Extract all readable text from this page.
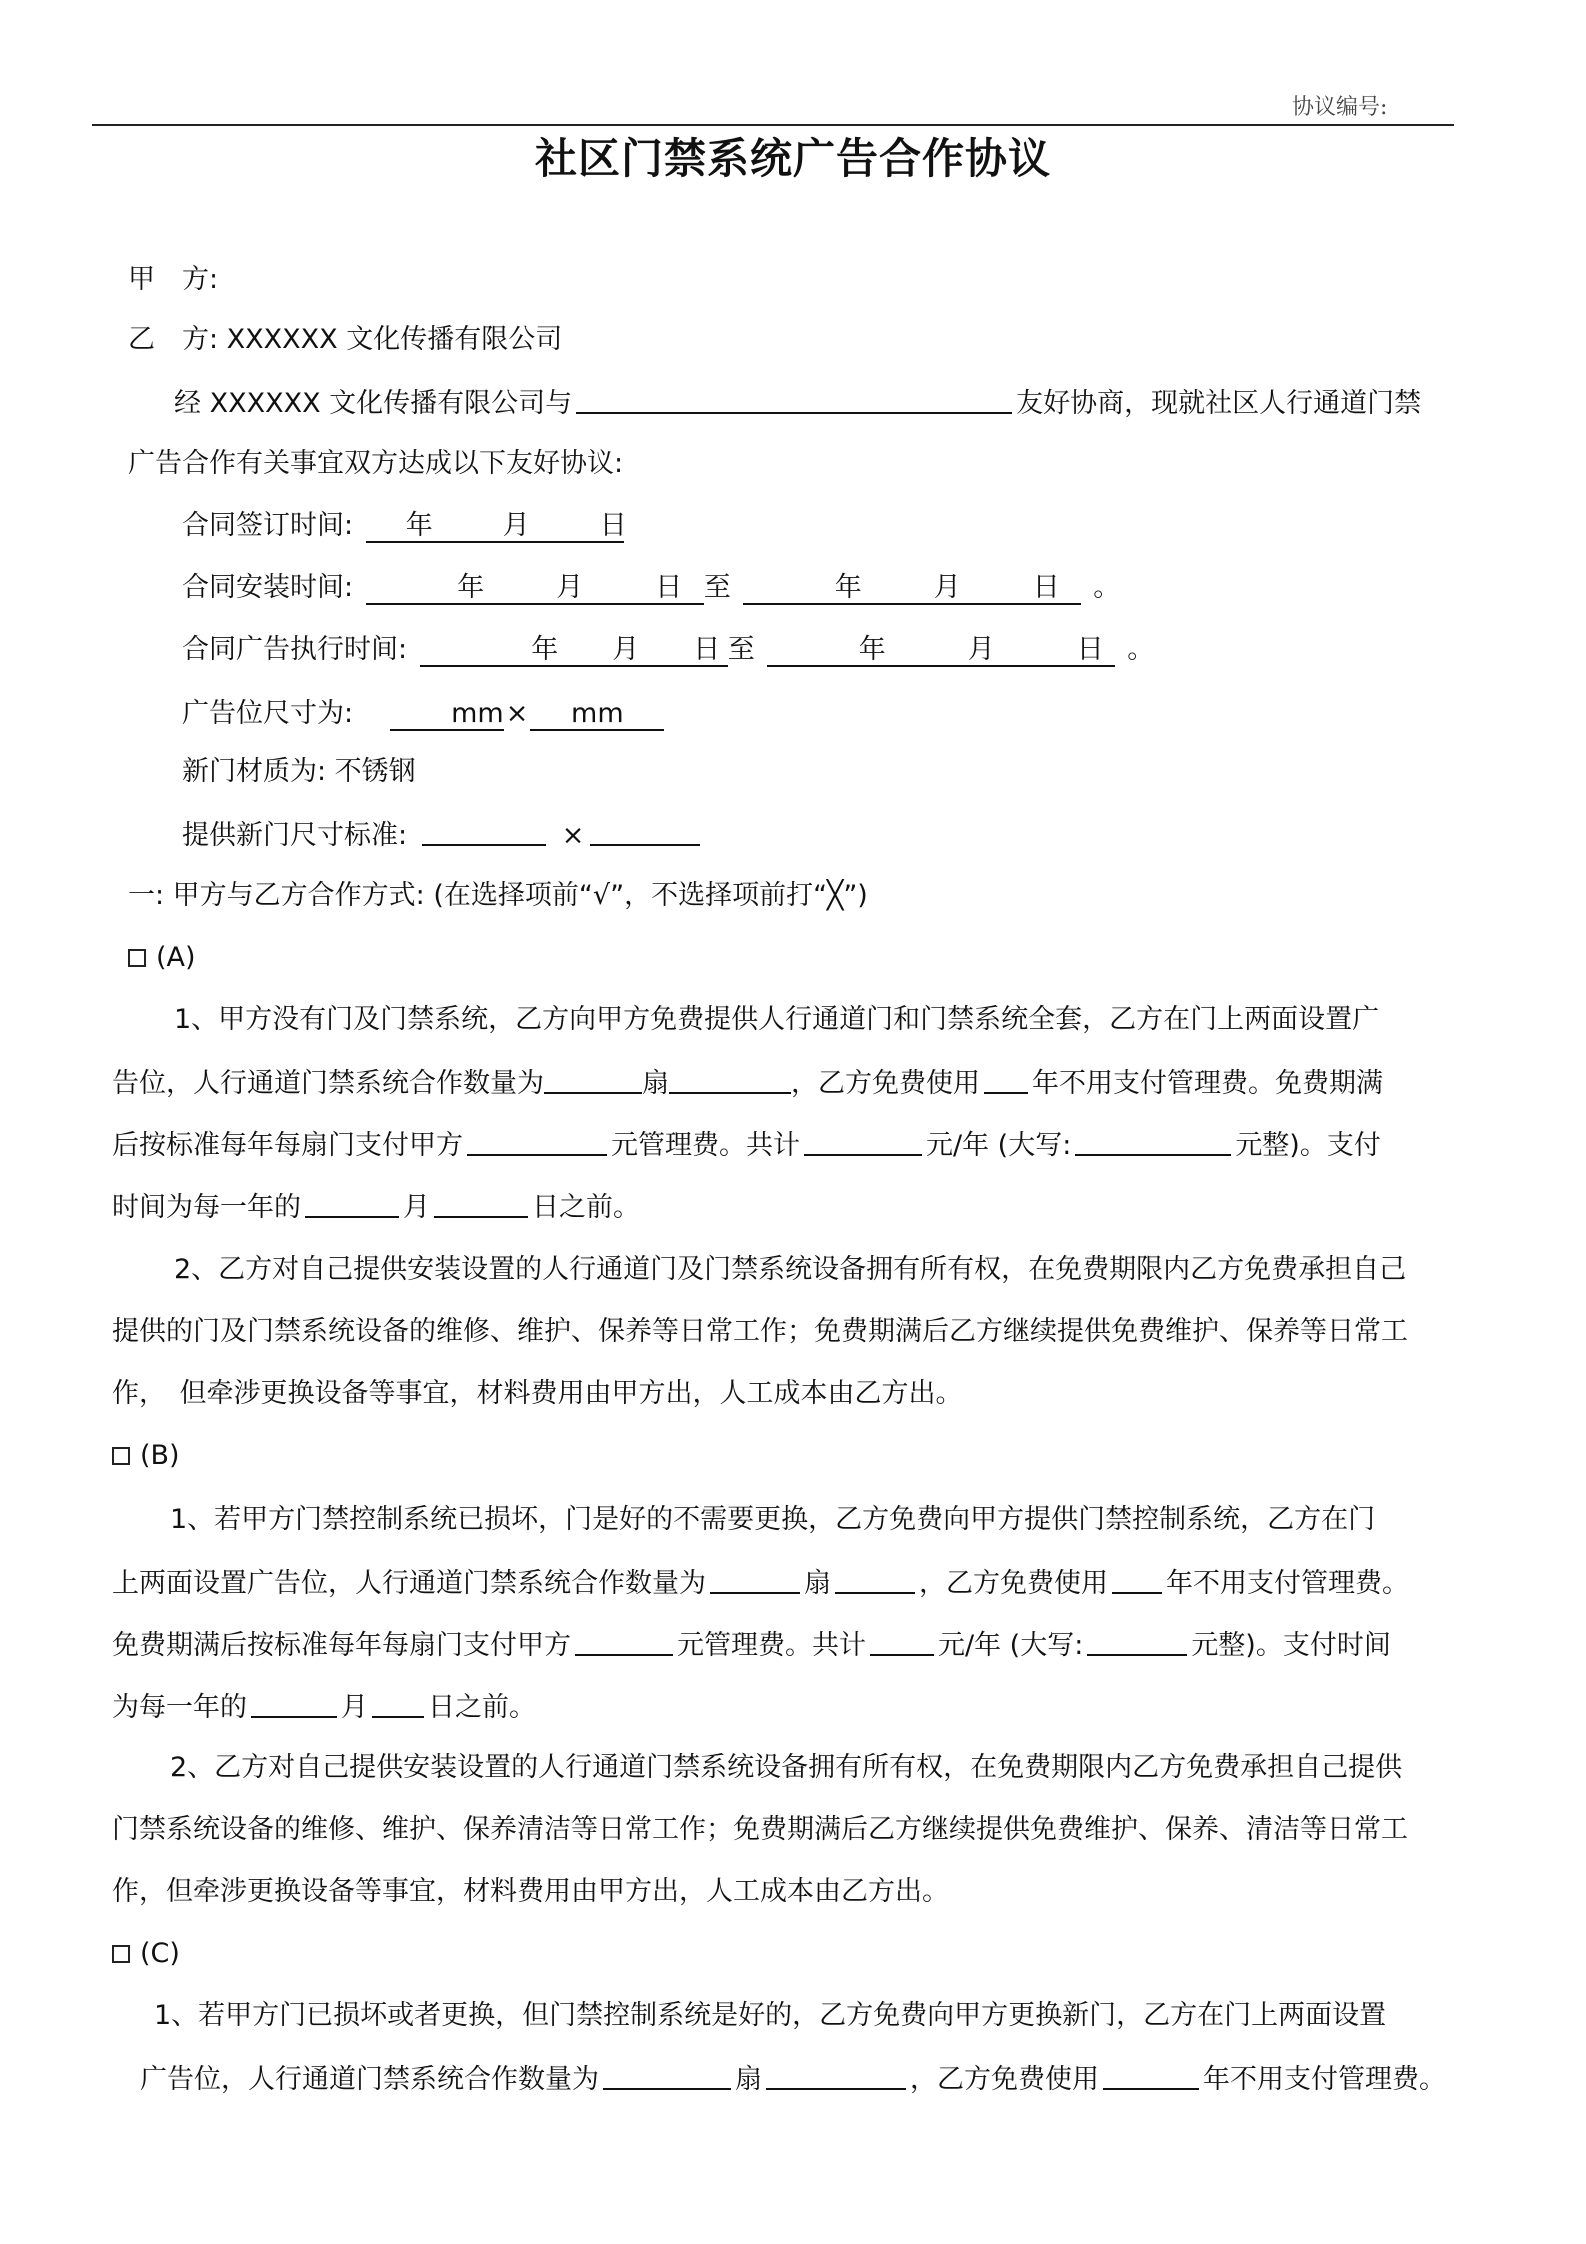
协议编号:
社区门禁系统广告合作协议
甲　方:
乙　方: XXXXXX 文化传播有限公司
经 XXXXXX 文化传播有限公司与	友好协商，现就社区人行通道门禁
广告合作有关事宜双方达成以下友好协议:
合同签订时间: 年	月	日
合同安装时间:	年	月	日 至	年	月	日 。
合同广告执行时间:	年 月 日 至	年	月	日 。
广告位尺寸为:	mm× mm
新门材质为: 不锈钢
提供新门尺寸标准:	×
一: 甲方与乙方合作方式: (在选择项前“√”，不选择项前打“╳”)
(A)
1、甲方没有门及门禁系统，乙方向甲方免费提供人行通道门和门禁系统全套，乙方在门上两面设置广
告位，人行通道门禁系统合作数量为	扇	，乙方免费使用 年不用支付管理费。免费期满
后按标准每年每扇门支付甲方	元管理费。共计	元/年 (大写:	元整)。支付
时间为每一年的	月	日之前。
2、乙方对自己提供安装设置的人行通道门及门禁系统设备拥有所有权，在免费期限内乙方免费承担自己
提供的门及门禁系统设备的维修、维护、保养等日常工作；免费期满后乙方继续提供免费维护、保养等日常工
作，　但牵涉更换设备等事宜，材料费用由甲方出，人工成本由乙方出。
(B)
1、若甲方门禁控制系统已损坏，门是好的不需要更换，乙方免费向甲方提供门禁控制系统，乙方在门
上两面设置广告位，人行通道门禁系统合作数量为	扇	，乙方免费使用 年不用支付管理费。
免费期满后按标准每年每扇门支付甲方	元管理费。共计	元/年 (大写:	元整)。支付时间
为每一年的	月 日之前。
2、乙方对自己提供安装设置的人行通道门禁系统设备拥有所有权，在免费期限内乙方免费承担自己提供
门禁系统设备的维修、维护、保养清洁等日常工作；免费期满后乙方继续提供免费维护、保养、清洁等日常工
作，但牵涉更换设备等事宜，材料费用由甲方出，人工成本由乙方出。
(C)
1、若甲方门已损坏或者更换，但门禁控制系统是好的，乙方免费向甲方更换新门，乙方在门上两面设置
广告位，人行通道门禁系统合作数量为	扇	，乙方免费使用	年不用支付管理费。
